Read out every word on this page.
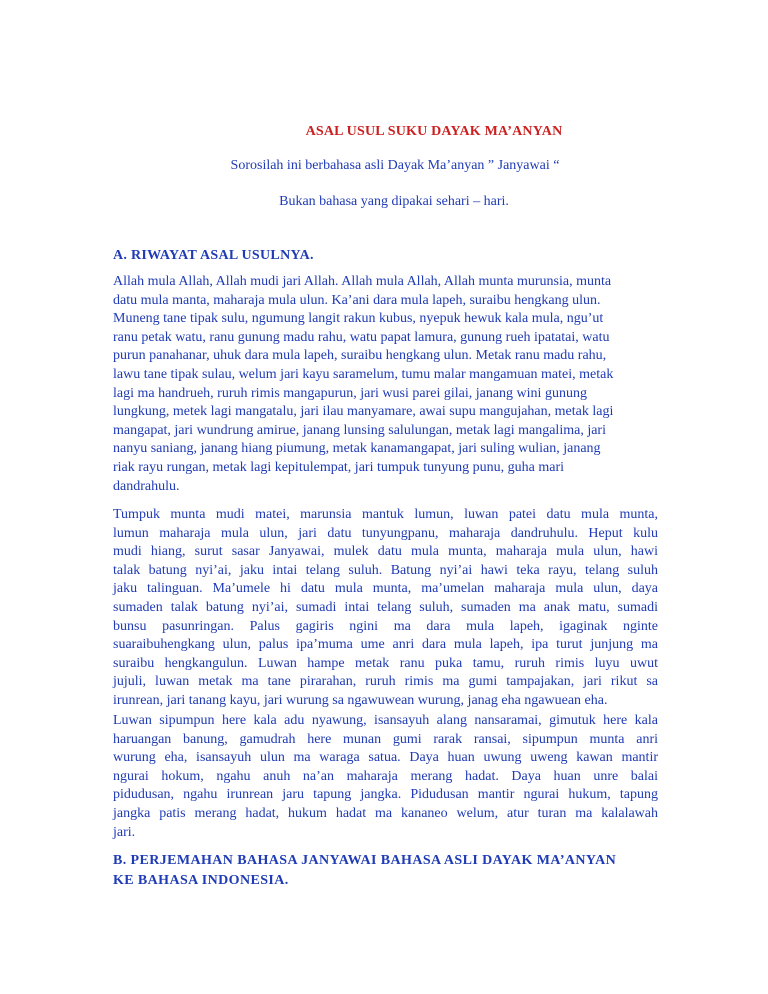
ASAL USUL SUKU DAYAK MA’ANYAN
Sorosilah ini berbahasa asli Dayak Ma’anyan ” Janyawai “
Bukan bahasa yang dipakai sehari – hari.
A. RIWAYAT ASAL USULNYA.
Allah mula Allah, Allah mudi jari Allah. Allah mula Allah, Allah munta murunsia, munta
datu mula manta, maharaja mula ulun. Ka’ani dara mula lapeh, suraibu hengkang ulun.
Muneng tane tipak sulu, ngumung langit rakun kubus, nyepuk hewuk kala mula, ngu’ut
ranu petak watu, ranu gunung madu rahu, watu papat lamura, gunung rueh ipatatai, watu
purun panahanar, uhuk dara mula lapeh, suraibu hengkang ulun. Metak ranu madu rahu,
lawu tane tipak sulau, welum jari kayu saramelum, tumu malar mangamuan matei, metak
lagi ma handrueh, ruruh rimis mangapurun, jari wusi parei gilai, janang wini gunung
lungkung, metek lagi mangatalu, jari ilau manyamare, awai supu mangujahan, metak lagi
mangapat, jari wundrung amirue, janang lunsing salulungan, metak lagi mangalima, jari
nanyu saniang, janang hiang piumung, metak kanamangapat, jari suling wulian, janang
riak rayu rungan, metak lagi kepitulempat, jari tumpuk tunyung punu, guha mari
dandrahulu.
Tumpuk munta mudi matei, marunsia mantuk lumun, luwan patei datu mula munta,
lumun maharaja mula ulun, jari datu tunyungpanu, maharaja dandruhulu. Heput kulu
mudi hiang, surut sasar Janyawai, mulek datu mula munta, maharaja mula ulun, hawi
talak batung nyi’ai, jaku intai telang suluh. Batung nyi’ai hawi teka rayu, telang suluh
jaku talinguan. Ma’umele hi datu mula munta, ma’umelan maharaja mula ulun, daya
sumaden talak batung nyi’ai, sumadi intai telang suluh, sumaden ma anak matu, sumadi
bunsu pasunringan. Palus gagiris ngini ma dara mula lapeh, igaginak nginte
suaraibuhengkang ulun, palus ipa’muma ume anri dara mula lapeh, ipa turut junjung ma
suraibu hengkangulun. Luwan hampe metak ranu puka tamu, ruruh rimis luyu uwut
jujuli, luwan metak ma tane pirarahan, ruruh rimis ma gumi tampajakan, jari rikut sa
irunrean, jari tanang kayu, jari wurung sa ngawuwean wurung, janag eha ngawuean eha.
Luwan sipumpun here kala adu nyawung, isansayuh alang nansaramai, gimutuk here kala
haruangan banung, gamudrah here munan gumi rarak ransai, sipumpun munta anri
wurung eha, isansayuh ulun ma waraga satua. Daya huan uwung uweng kawan mantir
ngurai hokum, ngahu anuh na’an maharaja merang hadat. Daya huan unre balai
pidudusan, ngahu irunrean jaru tapung jangka. Pidudusan mantir ngurai hukum, tapung
jangka patis merang hadat, hukum hadat ma kananeo welum, atur turan ma kalalawah
jari.
B. PERJEMAHAN BAHASA JANYAWAI BAHASA ASLI DAYAK MA’ANYAN
KE BAHASA INDONESIA.
